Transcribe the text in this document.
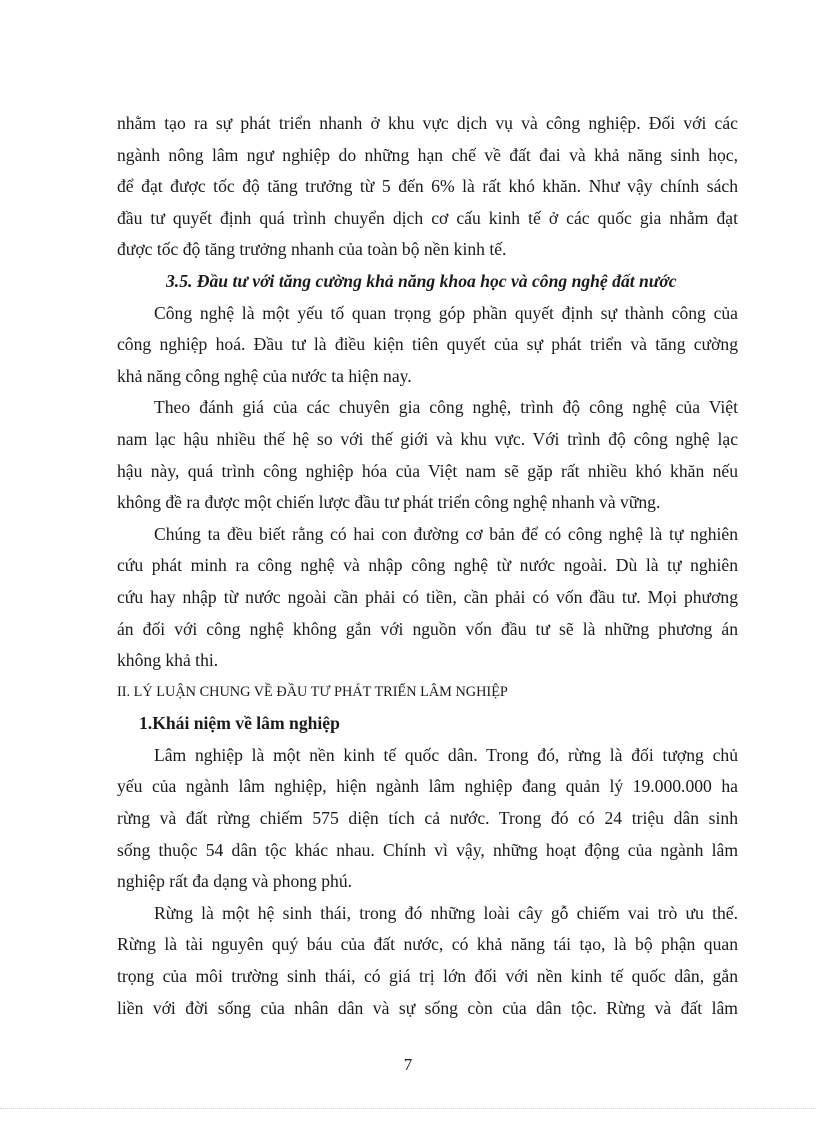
nhằm tạo ra sự phát triển nhanh ở khu vực dịch vụ và công nghiệp. Đối với các
ngành nông lâm ngư nghiệp do những hạn chế về đất đai và khả năng sinh học,
để đạt được tốc độ tăng trưởng từ 5 đến 6% là rất khó khăn. Như vậy chính sách
đầu tư quyết định quá trình chuyển dịch cơ cấu kinh tế ở các quốc gia nhằm đạt
được tốc độ tăng trưởng nhanh của toàn bộ nền kinh tế.
3.5. Đầu tư với tăng cường khả năng khoa học và công nghệ đất nước
Công nghệ là một yếu tố quan trọng góp phần quyết định sự thành công của
công nghiệp hoá. Đầu tư là điều kiện tiên quyết của sự phát triển và tăng cường
khả năng công nghệ của nước ta hiện nay.
Theo đánh giá của các chuyên gia công nghệ, trình độ công nghệ của Việt
nam lạc hậu nhiều thế hệ so với thế giới và khu vực. Với trình độ công nghệ lạc
hậu này, quá trình công nghiệp hóa của Việt nam sẽ gặp rất nhiều khó khăn nếu
không đề ra được một chiến lược đầu tư phát triển công nghệ nhanh và vững.
Chúng ta đều biết rằng có hai con đường cơ bản để có công nghệ là tự nghiên
cứu phát minh ra công nghệ và nhập công nghệ từ nước ngoài. Dù là tự nghiên
cứu hay nhập từ nước ngoài cần phải có tiền, cần phải có vốn đầu tư. Mọi phương
án đối với công nghệ không gắn với nguồn vốn đầu tư sẽ là những phương án
không khả thi.
II. LÝ LUẬN CHUNG VỀ ĐẦU TƯ PHÁT TRIỂN LÂM NGHIỆP
1.Khái niệm về lâm nghiệp
Lâm nghiệp là một nền kinh tế quốc dân. Trong đó, rừng là đối tượng chủ
yếu của ngành lâm nghiệp, hiện ngành lâm nghiệp đang quản lý 19.000.000 ha
rừng và đất rừng chiếm 575 diện tích cả nước. Trong đó có 24 triệu dân sinh
sống thuộc 54 dân tộc khác nhau. Chính vì vậy, những hoạt động của ngành lâm
nghiệp rất đa dạng và phong phú.
Rừng là một hệ sinh thái, trong đó những loài cây gỗ chiếm vai trò ưu thế.
Rừng là tài nguyên quý báu của đất nước, có khả năng tái tạo, là bộ phận quan
trọng của môi trường sinh thái, có giá trị lớn đối với nền kinh tế quốc dân, gắn
liền với đời sống của nhân dân và sự sống còn của dân tộc. Rừng và đất lâm
7
